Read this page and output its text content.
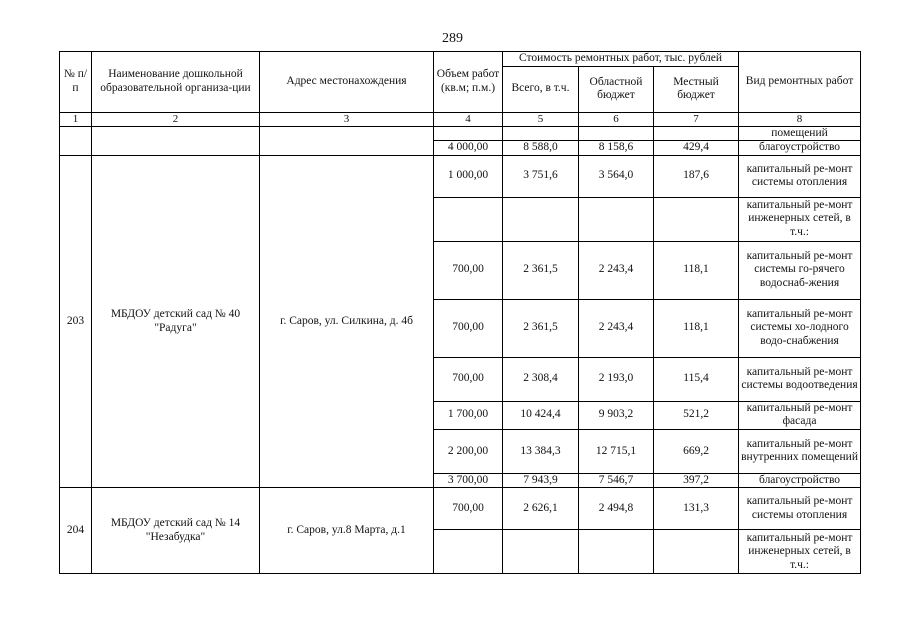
289
№ п/п	Наименование дошкольной образовательной организа-ции	Адрес местонахождения	Объем работ (кв.м; п.м.)	Стоимость ремонтных работ, тыс. рублей			Вид ремонтных работ
				Всего, в т.ч.	Областной бюджет	Местный бюджет	
1	2	3	4	5	6	7	8
							помещений
			4 000,00	8 588,0	8 158,6	429,4	благоустройство
203	МБДОУ детский сад № 40 "Радуга"	г. Саров, ул. Силкина, д. 4б	1 000,00	3 751,6	3 564,0	187,6	капитальный ре-монт системы отопления
							капитальный ре-монт инженерных сетей, в т.ч.:
			700,00	2 361,5	2 243,4	118,1	капитальный ре-монт системы го-рячего водоснаб-жения
			700,00	2 361,5	2 243,4	118,1	капитальный ре-монт системы хо-лодного водо-снабжения
			700,00	2 308,4	2 193,0	115,4	капитальный ре-монт системы водоотведения
			1 700,00	10 424,4	9 903,2	521,2	капитальный ре-монт фасада
			2 200,00	13 384,3	12 715,1	669,2	капитальный ре-монт внутренних помещений
			3 700,00	7 943,9	7 546,7	397,2	благоустройство
204	МБДОУ детский сад № 14 "Незабудка"	г. Саров, ул.8 Марта, д.1	700,00	2 626,1	2 494,8	131,3	капитальный ре-монт системы отопления
							капитальный ре-монт инженерных сетей, в т.ч.:
